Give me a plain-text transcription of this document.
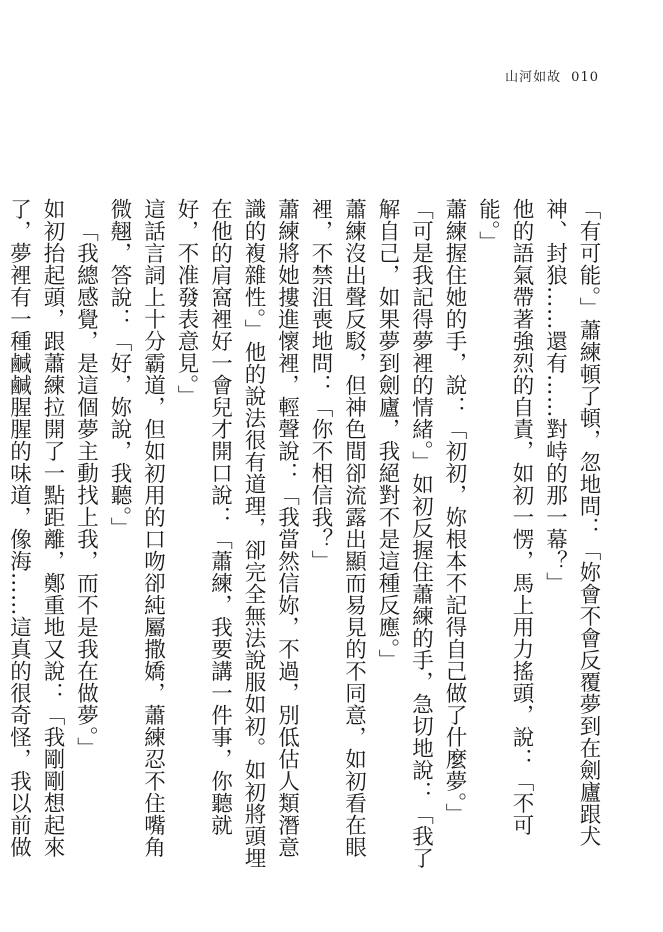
山河如故 010

「有可能。」蕭練頓了頓，忽地問：「妳會不會反覆夢到在劍廬跟犬神、封狼……還有……對峙的那一幕？」

他的語氣帶著強烈的自責，如初一愣，馬上用力搖頭，說：「不可能。」

蕭練握住她的手，說：「初初，妳根本不記得自己做了什麼夢。」

「可是我記得夢裡的情緒。」如初反握住蕭練的手，急切地說：「我了解自己，如果夢到劍廬，我絕對不是這種反應。」

蕭練沒出聲反駁，但神色間卻流露出顯而易見的不同意，如初看在眼裡，不禁沮喪地問：「你不相信我？」

蕭練將她摟進懷裡，輕聲說：「我當然信妳，不過，別低估人類潛意識的複雜性。」他的說法很有道理，卻完全無法說服如初。如初將頭埋在他的肩窩裡好一會兒才開口說：「蕭練，我要講一件事，你聽就好，不准發表意見。」

這話言詞上十分霸道，但如初用的口吻卻純屬撒嬌，蕭練忍不住嘴角微翹，答說：「好，妳說，我聽。」

「我總感覺，是這個夢主動找上我，而不是我在做夢。」

如初抬起頭，跟蕭練拉開了一點距離，鄭重地又說：「我剛剛想起來了，夢裡有一種鹹鹹腥腥的味道，像海……這真的很奇怪，我以前做
